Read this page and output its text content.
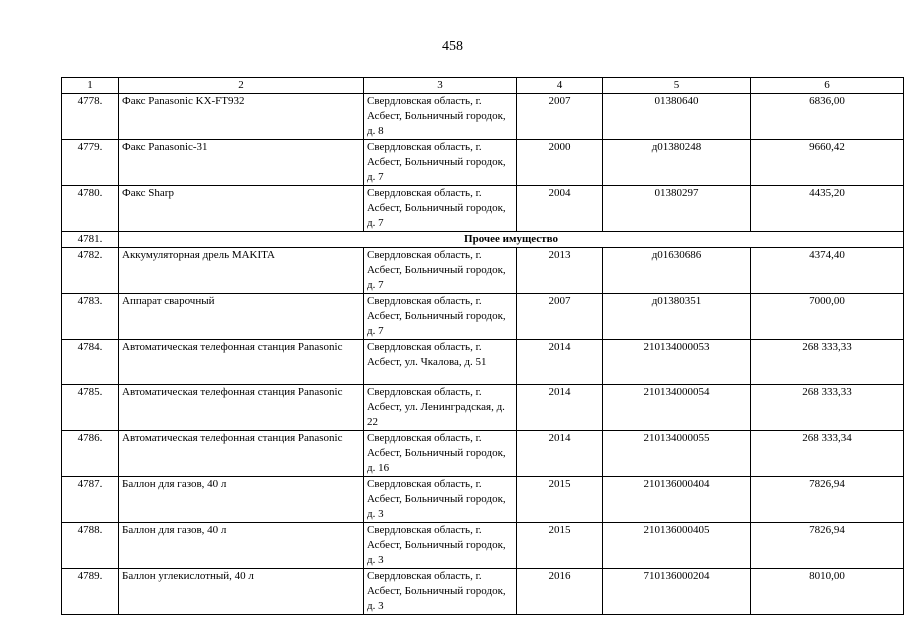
458
1	2	3	4	5	6
4778.	Факс Panasonic KX-FT932	Свердловская область, г. Асбест, Больничный городок, д. 8	2007	01380640	6836,00
4779.	Факс Panasonic-31	Свердловская область, г. Асбест, Больничный городок, д. 7	2000	д01380248	9660,42
4780.	Факс Sharp	Свердловская область, г. Асбест, Больничный городок, д. 7	2004	01380297	4435,20
4781.	Прочее имущество				
4782.	Аккумуляторная дрель MAKITA	Свердловская область, г. Асбест, Больничный городок, д. 7	2013	д01630686	4374,40
4783.	Аппарат сварочный	Свердловская область, г. Асбест, Больничный городок, д. 7	2007	д01380351	7000,00
4784.	Автоматическая телефонная станция Panasonic	Свердловская область, г. Асбест, ул. Чкалова, д. 51	2014	210134000053	268 333,33
4785.	Автоматическая телефонная станция Panasonic	Свердловская область, г. Асбест, ул. Ленинградская, д. 22	2014	210134000054	268 333,33
4786.	Автоматическая телефонная станция Panasonic	Свердловская область, г. Асбест, Больничный городок, д. 16	2014	210134000055	268 333,34
4787.	Баллон для газов, 40 л	Свердловская область, г. Асбест, Больничный городок, д. 3	2015	210136000404	7826,94
4788.	Баллон для газов, 40 л	Свердловская область, г. Асбест, Больничный городок, д. 3	2015	210136000405	7826,94
4789.	Баллон углекислотный, 40 л	Свердловская область, г. Асбест, Больничный городок, д. 3	2016	710136000204	8010,00
